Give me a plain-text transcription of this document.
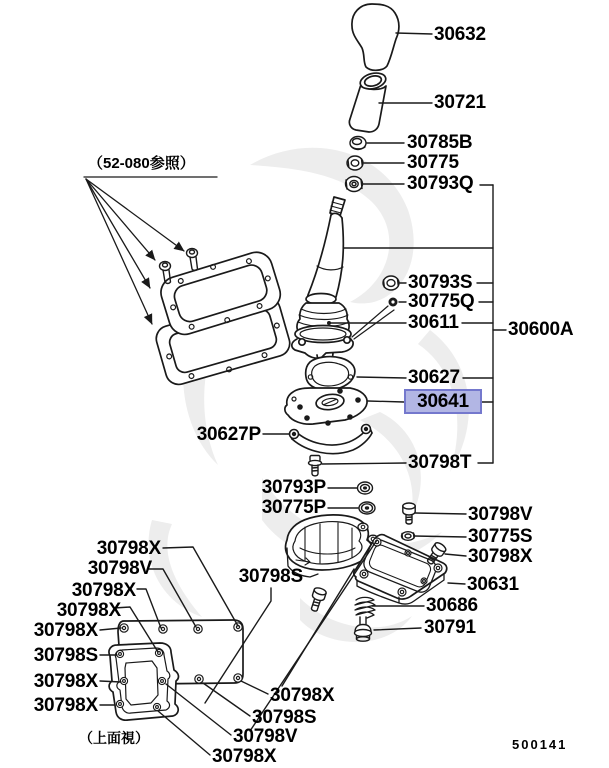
30632
30721
30785B
30775
30793Q
30793S
30775Q
30611	30600A
30627
30641
30627P
30798T
30793P
30775P	30798V
30775S
30798X
30631
30798S
30686
30791
30798X
30798V
30798X
30798X
30798X
30798S
30798X
30798X	30798X
30798S
30798V
30798X
（52-080参照）
（上面視）	500141
